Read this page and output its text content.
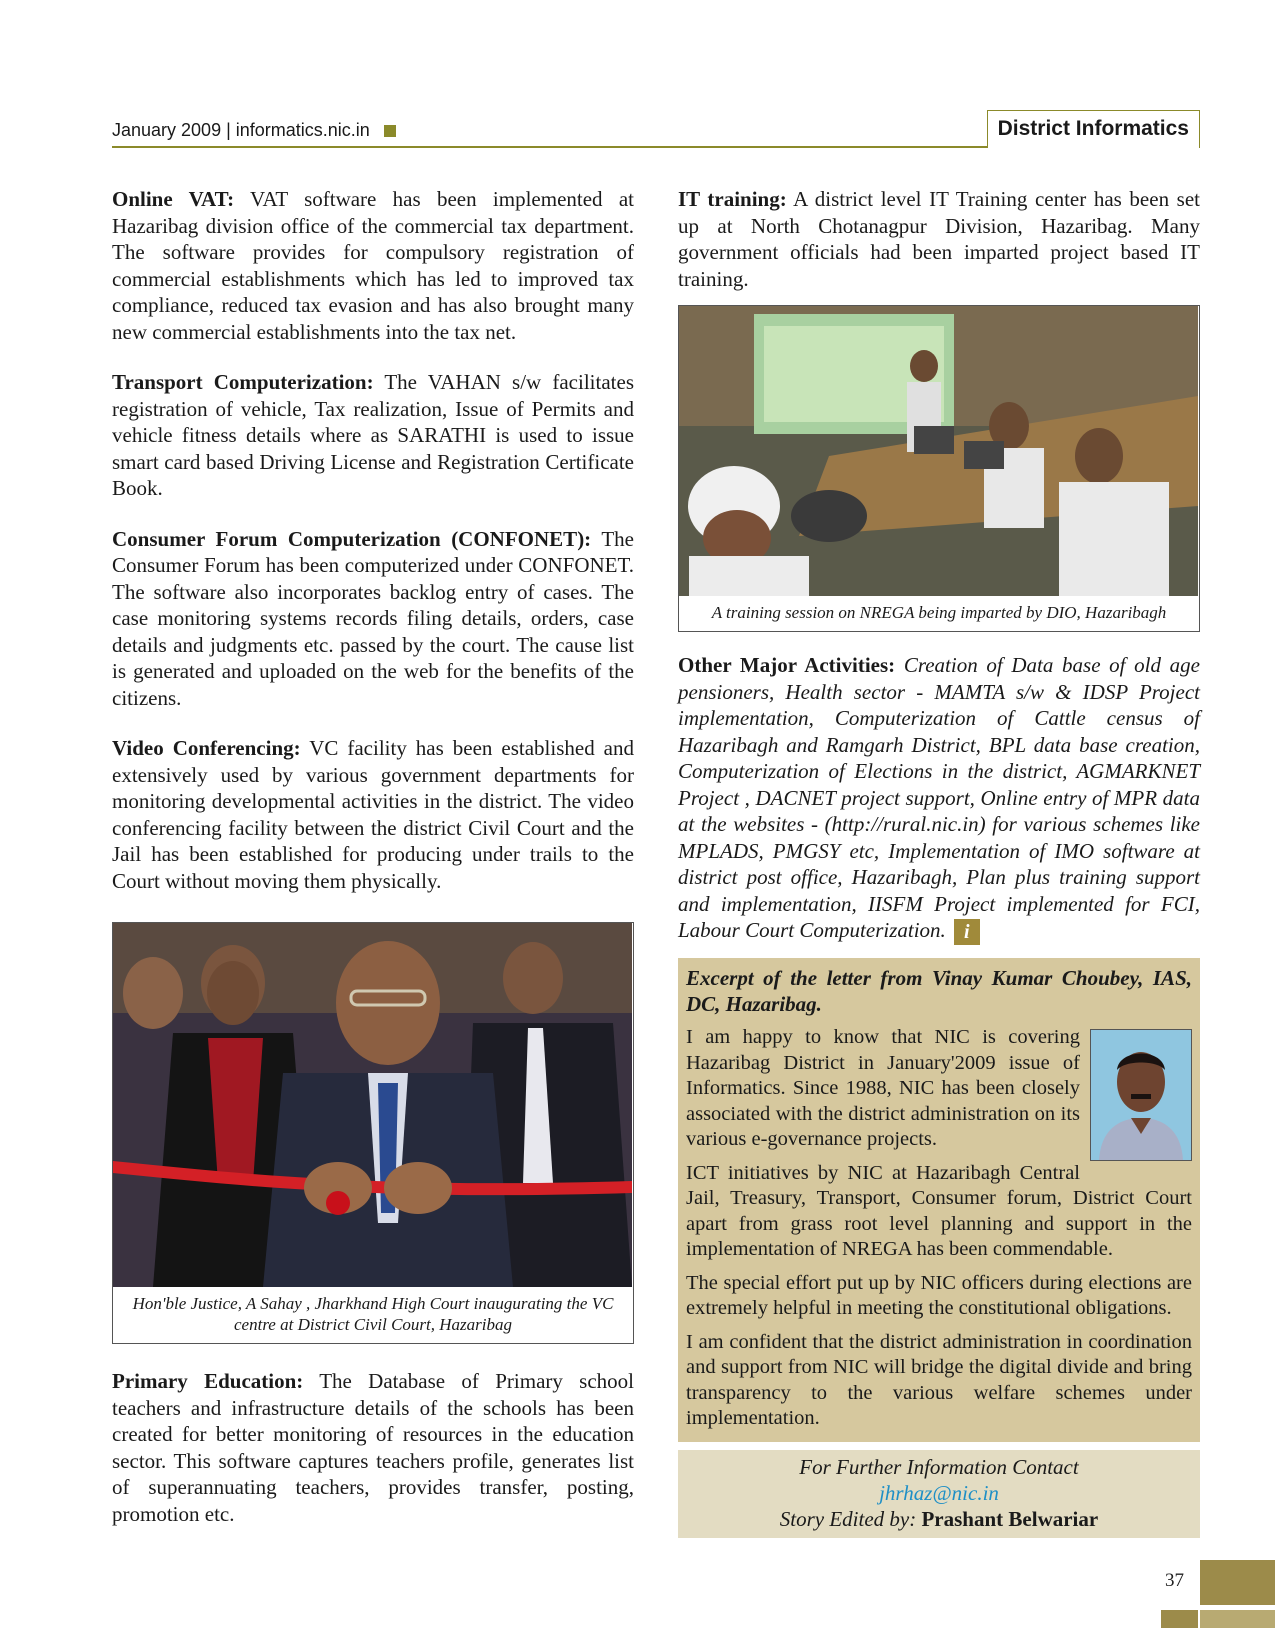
January 2009 | informatics.nic.in	District Informatics

Online VAT: VAT software has been implemented at Hazaribag division office of the commercial tax department. The software provides for compulsory registration of commercial establishments which has led to improved tax compliance, reduced tax evasion and has also brought many new commercial establishments into the tax net.

Transport Computerization: The VAHAN s/w facilitates registration of vehicle, Tax realization, Issue of Permits and vehicle fitness details where as SARATHI is used to issue smart card based Driving License and Registration Certificate Book.

Consumer Forum Computerization (CONFONET): The Consumer Forum has been computerized under CONFONET. The software also incorporates backlog entry of cases. The case monitoring systems records filing details, orders, case details and judgments etc. passed by the court. The cause list is generated and uploaded on the web for the benefits of the citizens.

Video Conferencing: VC facility has been established and extensively used by various government departments for monitoring developmental activities in the district. The video conferencing facility between the district Civil Court and the Jail has been established for producing under trails to the Court without moving them physically.

Hon'ble Justice, A Sahay , Jharkhand High Court inaugurating the VC centre at District Civil Court, Hazaribag

Primary Education: The Database of Primary school teachers and infrastructure details of the schools has been created for better monitoring of resources in the education sector. This software captures teachers profile, generates list of superannuating teachers, provides transfer, posting, promotion etc.

IT training: A district level IT Training center has been set up at North Chotanagpur Division, Hazaribag. Many government officials had been imparted project based IT training.

A training session on NREGA being imparted by DIO, Hazaribagh

Other Major Activities: Creation of Data base of old age pensioners, Health sector - MAMTA s/w & IDSP Project implementation, Computerization of Cattle census of Hazaribagh and Ramgarh District, BPL data base creation, Computerization of Elections in the district, AGMARKNET Project , DACNET project support, Online entry of MPR data at the websites - (http://rural.nic.in) for various schemes like MPLADS, PMGSY etc, Implementation of IMO software at district post office, Hazaribagh, Plan plus training support and implementation, IISFM Project implemented for FCI, Labour Court Computerization. i

Excerpt of the letter from Vinay Kumar Choubey, IAS, DC, Hazaribag.

I am happy to know that NIC is covering Hazaribag District in January'2009 issue of Informatics. Since 1988, NIC has been closely associated with the district administration on its various e-governance projects.

ICT initiatives by NIC at Hazaribagh Central Jail, Treasury, Transport, Consumer forum, District Court apart from grass root level planning and support in the implementation of NREGA has been commendable.

The special effort put up by NIC officers during elections are extremely helpful in meeting the constitutional obligations.

I am confident that the district administration in coordination and support from NIC will bridge the digital divide and bring transparency to the various welfare schemes under implementation.

For Further Information Contact
jhrhaz@nic.in
Story Edited by: Prashant Belwariar
37
